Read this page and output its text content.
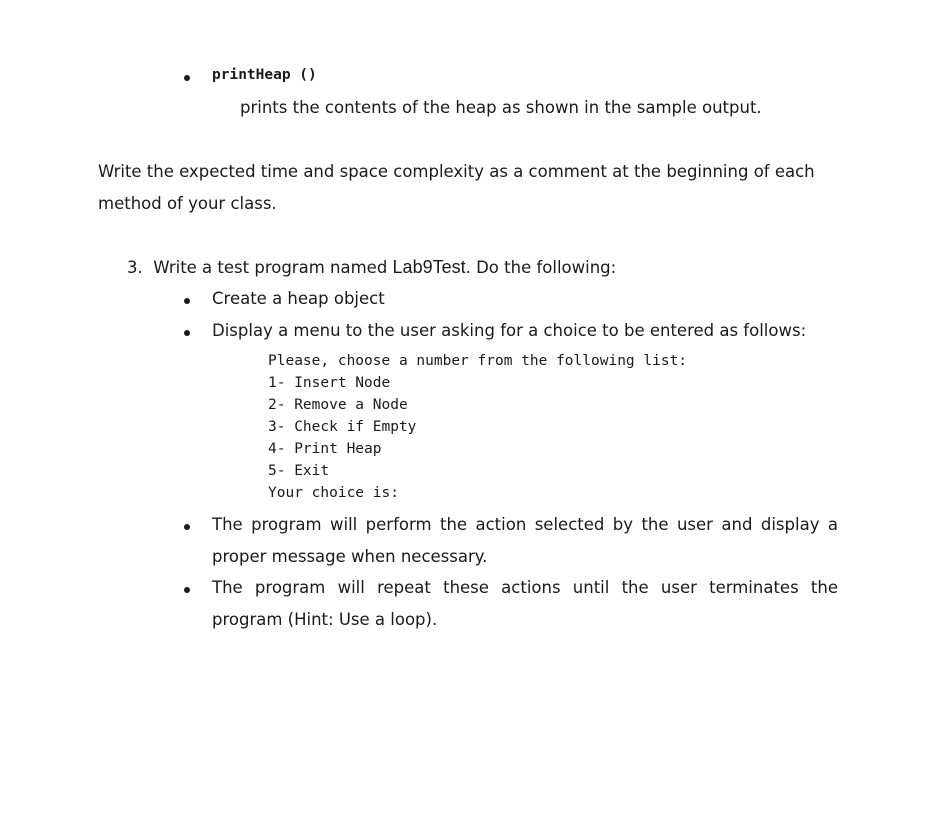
printHeap ()
prints the contents of the heap as shown in the sample output.
Write the expected time and space complexity as a comment at the beginning of each
method of your class.
3. Write a test program named Lab9Test. Do the following:
Create a heap object
Display a menu to the user asking for a choice to be entered as follows:
Please, choose a number from the following list:
1- Insert Node
2- Remove a Node
3- Check if Empty
4- Print Heap
5- Exit
Your choice is:
The program will perform the action selected by the user and display a
proper message when necessary.
The program will repeat these actions until the user terminates the
program (Hint: Use a loop).
